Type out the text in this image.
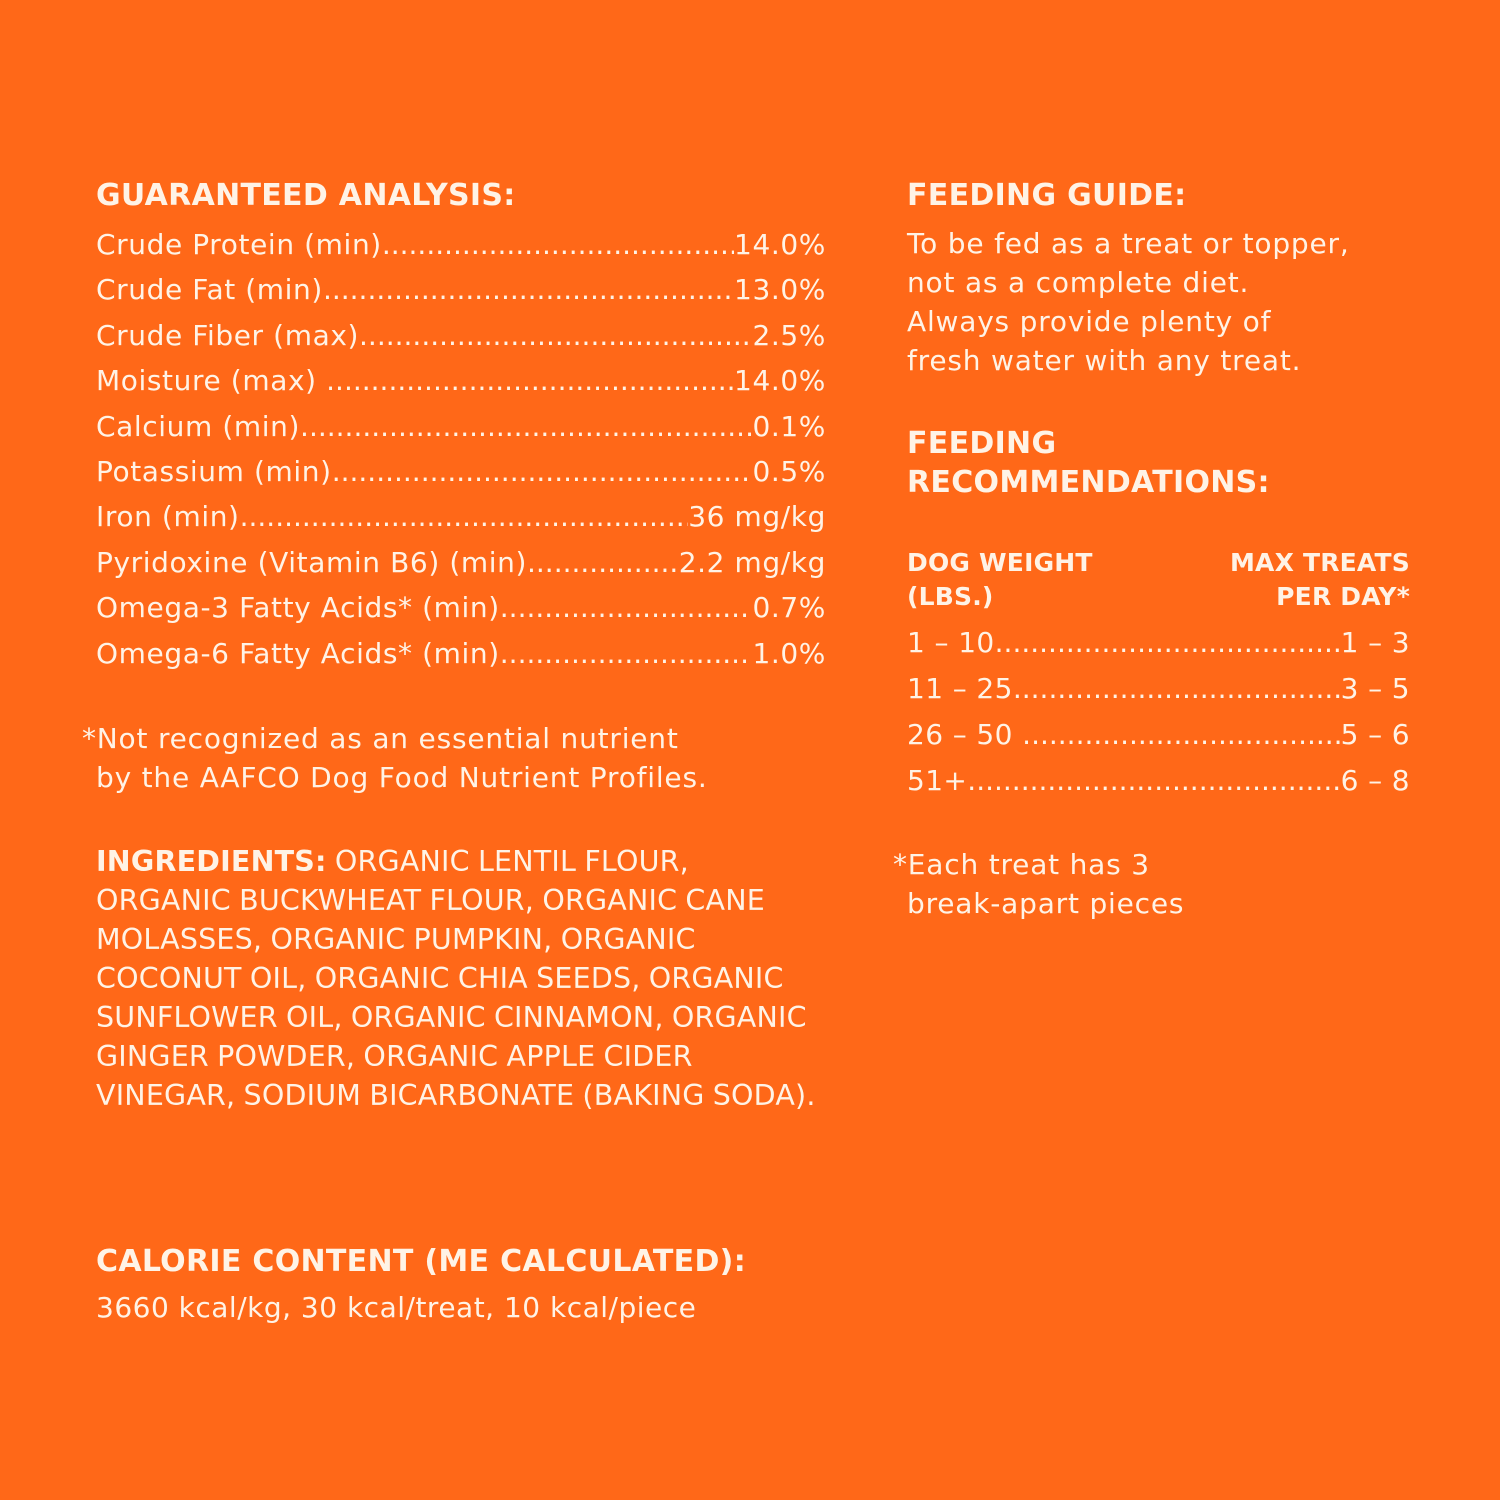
GUARANTEED ANALYSIS:
Crude Protein (min) .....	14.0%
Crude Fat (min) .....	13.0%
Crude Fiber (max) .....	2.5%
Moisture (max) .....	14.0%
Calcium (min) .....	0.1%
Potassium (min) .....	0.5%
Iron (min) .....	36 mg/kg
Pyridoxine (Vitamin B6) (min) .....	2.2 mg/kg
Omega-3 Fatty Acids* (min) .....	0.7%
Omega-6 Fatty Acids* (min) .....	1.0%

*Not recognized as an essential nutrient

by the AAFCO Dog Food Nutrient Profiles.

INGREDIENTS: ORGANIC LENTIL FLOUR, ORGANIC BUCKWHEAT FLOUR, ORGANIC CANE MOLASSES, ORGANIC PUMPKIN, ORGANIC COCONUT OIL, ORGANIC CHIA SEEDS, ORGANIC SUNFLOWER OIL, ORGANIC CINNAMON, ORGANIC GINGER POWDER, ORGANIC APPLE CIDER VINEGAR, SODIUM BICARBONATE (BAKING SODA).
CALORIE CONTENT (ME CALCULATED):

3660 kcal/kg, 30 kcal/treat, 10 kcal/piece

FEEDING GUIDE:

To be fed as a treat or topper,

not as a complete diet.

Always provide plenty of

fresh water with any treat.

FEEDING
RECOMMENDATIONS:
DOG WEIGHT
(LBS.)
MAX TREATS
PER DAY*
1 – 10 .....	1 – 3
11 – 25 .....	3 – 5
26 – 50 .....	5 – 6
51+ .....	6 – 8

*Each treat has 3

break-apart pieces
